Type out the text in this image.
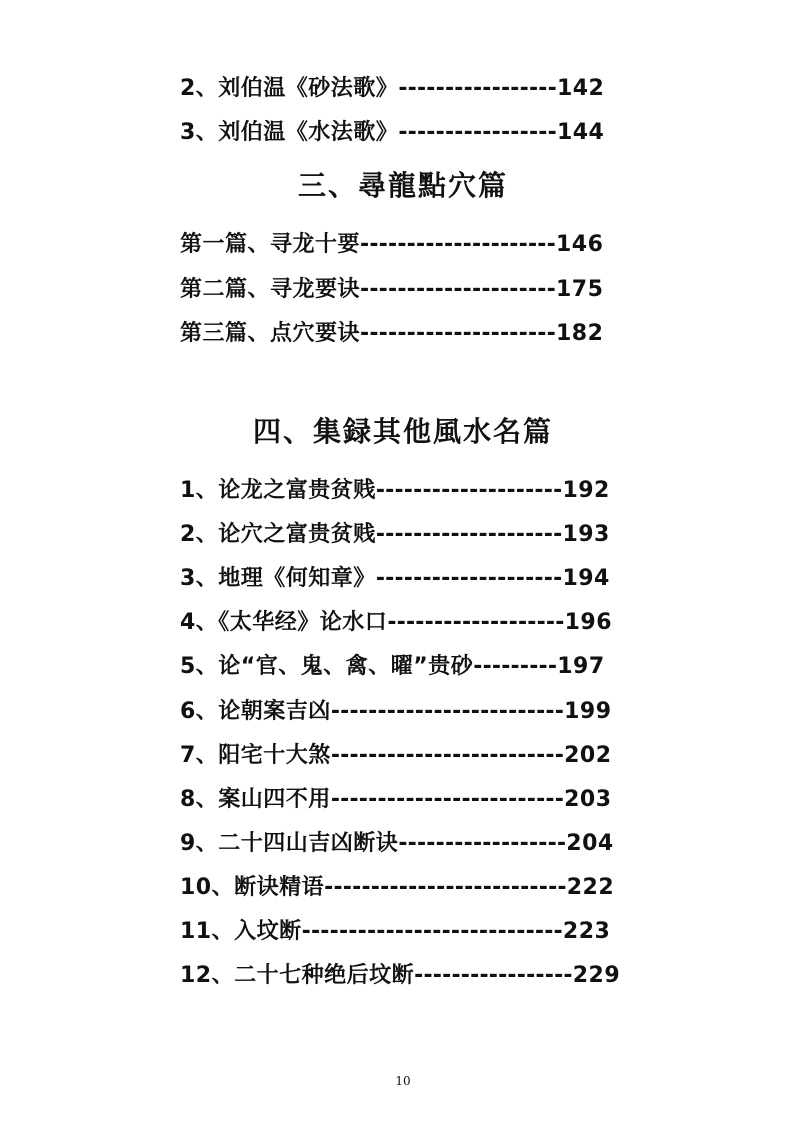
2、刘伯温《砂法歌》-----------------142
3、刘伯温《水法歌》-----------------144
三、尋龍點穴篇
第一篇、寻龙十要---------------------146
第二篇、寻龙要诀---------------------175
第三篇、点穴要诀---------------------182
四、集録其他風水名篇
1、论龙之富贵贫贱--------------------192
2、论穴之富贵贫贱--------------------193
3、地理《何知章》--------------------194
4、《太华经》论水口-------------------196
5、论“官、鬼、禽、曜”贵砂---------197
6、论朝案吉凶-------------------------199
7、阳宅十大煞-------------------------202
8、案山四不用-------------------------203
9、二十四山吉凶断诀------------------204
10、断诀精语--------------------------222
11、入坟断----------------------------223
12、二十七种绝后坟断-----------------229
10
